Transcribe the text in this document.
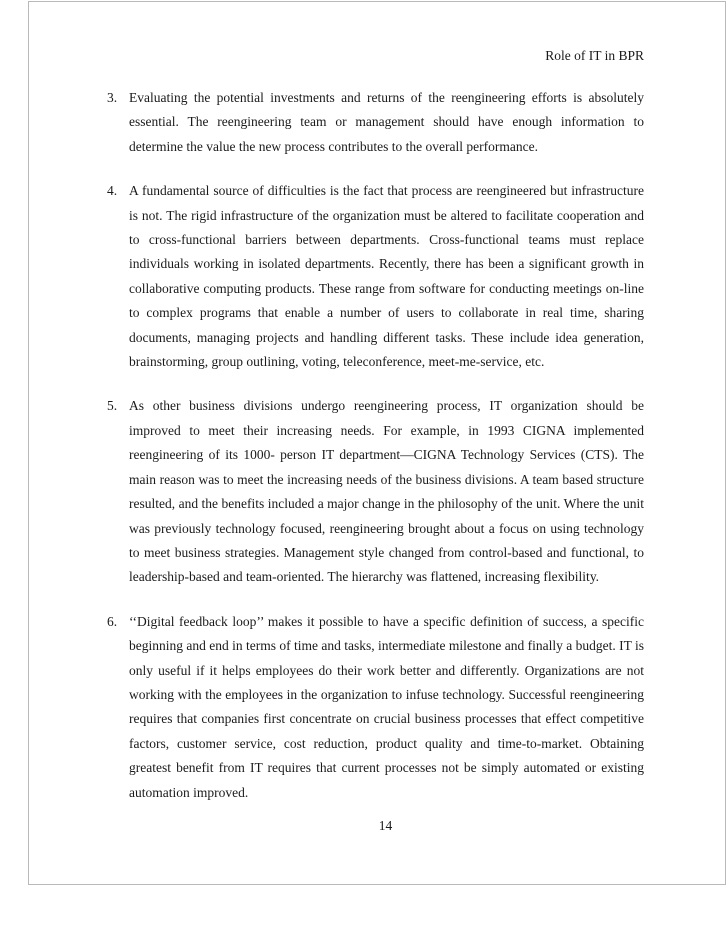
Role of IT in BPR
3. Evaluating the potential investments and returns of the reengineering efforts is absolutely essential. The reengineering team or management should have enough information to determine the value the new process contributes to the overall performance.
4. A fundamental source of difficulties is the fact that process are reengineered but infrastructure is not. The rigid infrastructure of the organization must be altered to facilitate cooperation and to cross-functional barriers between departments. Cross-functional teams must replace individuals working in isolated departments. Recently, there has been a significant growth in collaborative computing products. These range from software for conducting meetings on-line to complex programs that enable a number of users to collaborate in real time, sharing documents, managing projects and handling different tasks. These include idea generation, brainstorming, group outlining, voting, teleconference, meet-me-service, etc.
5. As other business divisions undergo reengineering process, IT organization should be improved to meet their increasing needs. For example, in 1993 CIGNA implemented reengineering of its 1000- person IT department—CIGNA Technology Services (CTS). The main reason was to meet the increasing needs of the business divisions. A team based structure resulted, and the benefits included a major change in the philosophy of the unit. Where the unit was previously technology focused, reengineering brought about a focus on using technology to meet business strategies. Management style changed from control-based and functional, to leadership-based and team-oriented. The hierarchy was flattened, increasing flexibility.
6. ‘‘Digital feedback loop’’ makes it possible to have a specific definition of success, a specific beginning and end in terms of time and tasks, intermediate milestone and finally a budget. IT is only useful if it helps employees do their work better and differently. Organizations are not working with the employees in the organization to infuse technology. Successful reengineering requires that companies first concentrate on crucial business processes that effect competitive factors, customer service, cost reduction, product quality and time-to-market. Obtaining greatest benefit from IT requires that current processes not be simply automated or existing automation improved.
14
